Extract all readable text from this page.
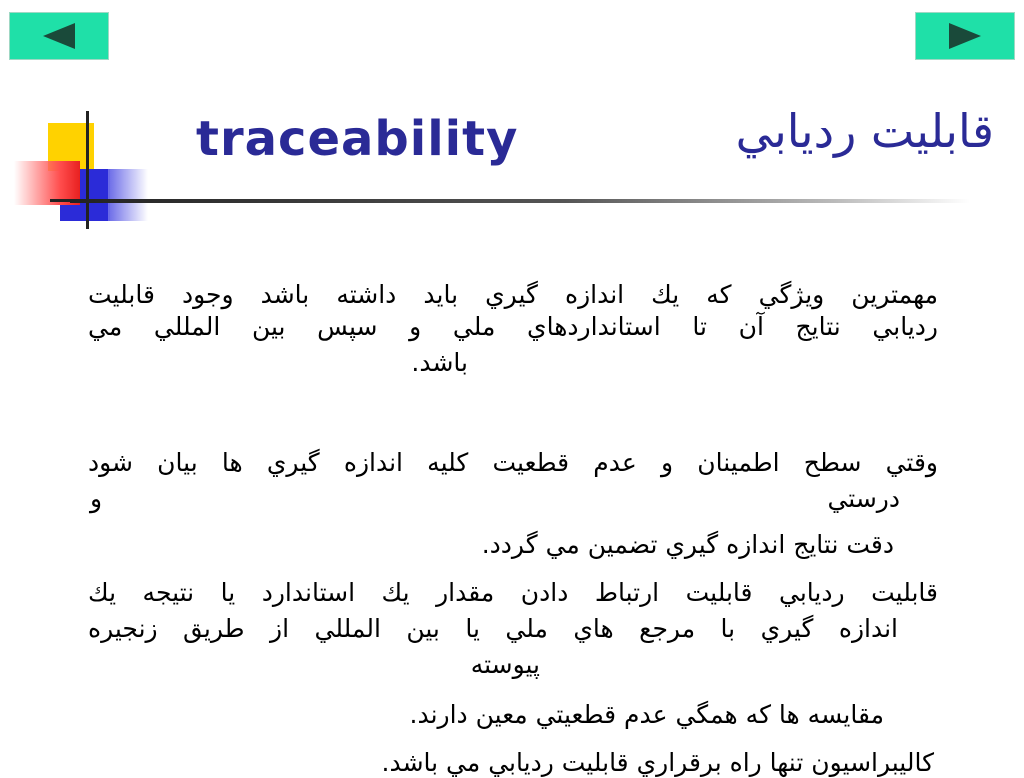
traceability	قابليت رديابي
مهمترين ويژگي كه يك اندازه گيري بايد داشته باشد وجود قابليت
رديابي نتايج آن تا استانداردهاي ملي و سپس بين المللي مي
باشد.
وقتي سطح اطمينان و عدم قطعيت كليه اندازه گيري ها بيان شود
و	درستي
دقت نتايج اندازه گيري تضمين مي گردد.
قابليت رديابي قابليت ارتباط دادن مقدار يك استاندارد يا نتيجه يك
اندازه گيري با مرجع هاي ملي يا بين المللي از طريق زنجيره
پيوسته
مقايسه ها كه همگي عدم قطعيتي معين دارند.
كاليبراسيون تنها راه برقراري قابليت رديابي مي باشد.
